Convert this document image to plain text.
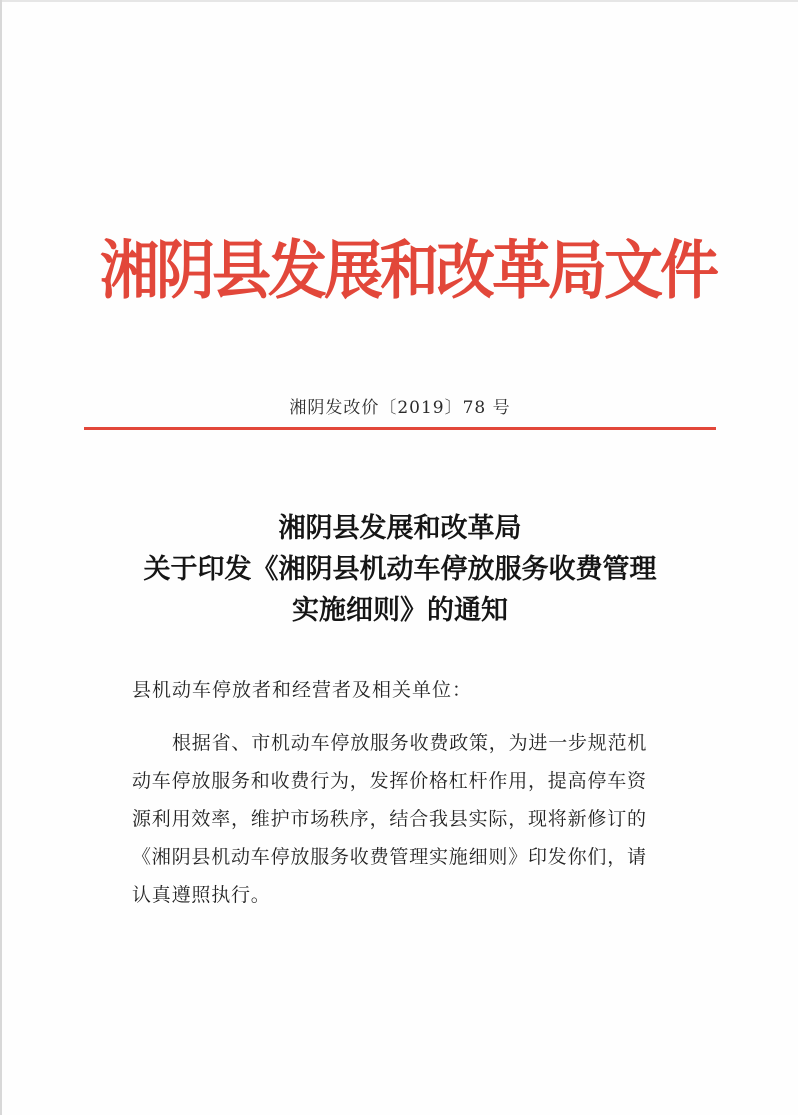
湘阴县发展和改革局文件
湘阴发改价〔2019〕78 号
湘阴县发展和改革局
关于印发《湘阴县机动车停放服务收费管理
实施细则》的通知
县机动车停放者和经营者及相关单位：
根据省、市机动车停放服务收费政策，为进一步规范机
动车停放服务和收费行为，发挥价格杠杆作用，提高停车资
源利用效率，维护市场秩序，结合我县实际，现将新修订的
《湘阴县机动车停放服务收费管理实施细则》印发你们，请
认真遵照执行。
